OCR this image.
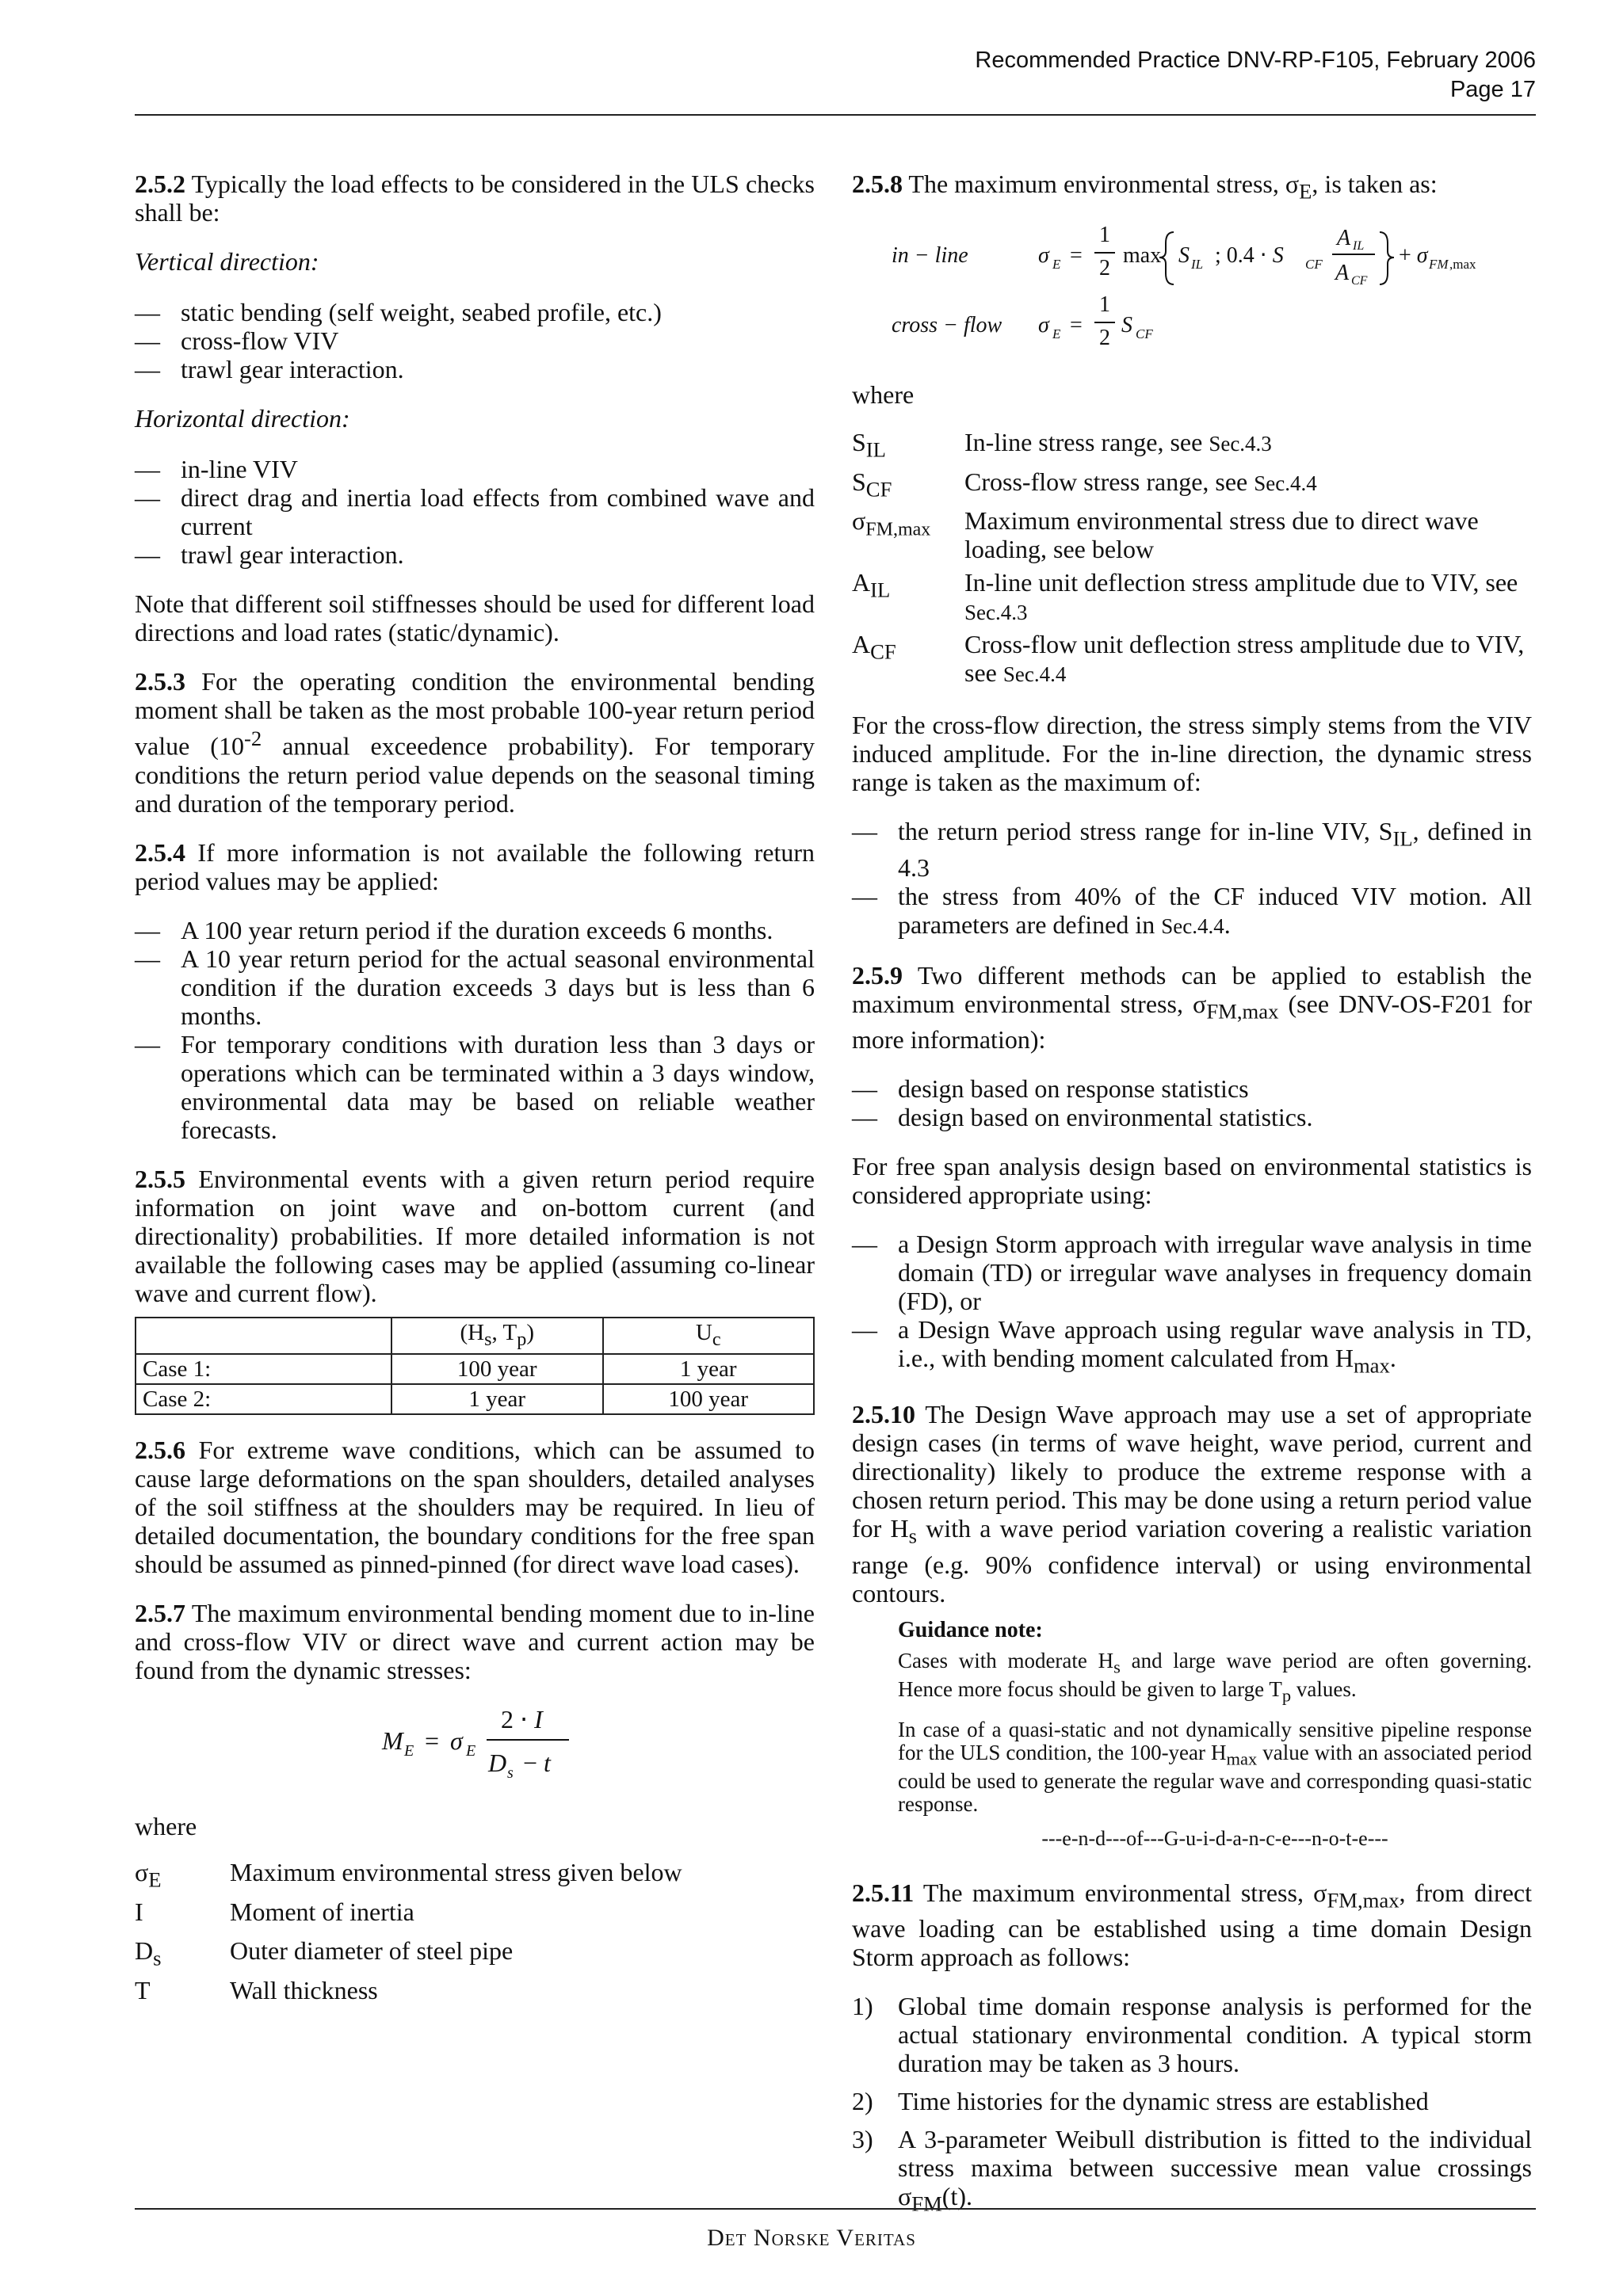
Recommended Practice DNV-RP-F105, February 2006
Page 17

2.5.2 Typically the load effects to be considered in the ULS checks shall be:

Vertical direction:

— static bending (self weight, seabed profile, etc.)
— cross-flow VIV
— trawl gear interaction.

Horizontal direction:

— in-line VIV
— direct drag and inertia load effects from combined wave and current
— trawl gear interaction.

Note that different soil stiffnesses should be used for different load directions and load rates (static/dynamic).

2.5.3 For the operating condition the environmental bending moment shall be taken as the most probable 100-year return period value ($10^{-2}$ annual exceedence probability). For temporary conditions the return period value depends on the seasonal timing and duration of the temporary period.

2.5.4 If more information is not available the following return period values may be applied:

— A 100 year return period if the duration exceeds 6 months.
— A 10 year return period for the actual seasonal environmental condition if the duration exceeds 3 days but is less than 6 months.
— For temporary conditions with duration less than 3 days or operations which can be terminated within a 3 days window, environmental data may be based on reliable weather forecasts.

2.5.5 Environmental events with a given return period require information on joint wave and on-bottom current (and directionality) probabilities. If more detailed information is not available the following cases may be applied (assuming co-linear wave and current flow).

	($H_s$, $T_p$)	$U_c$
Case 1:	100 year	1 year
Case 2:	1 year	100 year

2.5.6 For extreme wave conditions, which can be assumed to cause large deformations on the span shoulders, detailed analyses of the soil stiffness at the shoulders may be required. In lieu of detailed documentation, the boundary conditions for the free span should be assumed as pinned-pinned (for direct wave load cases).

2.5.7 The maximum environmental bending moment due to in-line and cross-flow VIV or direct wave and current action may be found from the dynamic stresses:

M E = σ E
2 ⋅ I
D s − t

where

$\sigma_E$	Maximum environmental stress given below
I	Moment of inertia
$D_s$	Outer diameter of steel pipe
T	Wall thickness

2.5.8 The maximum environmental stress, $\sigma_E$, is taken as:

in − line	σ E =
1
2
max S IL ; 0.4 ⋅ S CF
A IL
A CF
+ σ FM ,max
cross − flow σ E =
1
2
S CF

where

$S_{IL}$	In-line stress range, see Sec.4.3
$S_{CF}$	Cross-flow stress range, see Sec.4.4
$\sigma_{FM,max}$	Maximum environmental stress due to direct wave loading, see below
$A_{IL}$	In-line unit deflection stress amplitude due to VIV, see Sec.4.3
$A_{CF}$	Cross-flow unit deflection stress amplitude due to VIV, see Sec.4.4

For the cross-flow direction, the stress simply stems from the VIV induced amplitude. For the in-line direction, the dynamic stress range is taken as the maximum of:

— the return period stress range for in-line VIV, $S_{IL}$, defined in 4.3
— the stress from 40% of the CF induced VIV motion. All parameters are defined in Sec.4.4.

2.5.9 Two different methods can be applied to establish the maximum environmental stress, $\sigma_{FM,max}$ (see DNV-OS-F201 for more information):

— design based on response statistics
— design based on environmental statistics.

For free span analysis design based on environmental statistics is considered appropriate using:

— a Design Storm approach with irregular wave analysis in time domain (TD) or irregular wave analyses in frequency domain (FD), or
— a Design Wave approach using regular wave analysis in TD, i.e., with bending moment calculated from $H_{max}$.

2.5.10 The Design Wave approach may use a set of appropriate design cases (in terms of wave height, wave period, current and directionality) likely to produce the extreme response with a chosen return period. This may be done using a return period value for $H_s$ with a wave period variation covering a realistic variation range (e.g. 90% confidence interval) or using environmental contours.

Guidance note:

Cases with moderate $H_s$ and large wave period are often governing. Hence more focus should be given to large $T_p$ values.

In case of a quasi-static and not dynamically sensitive pipeline response for the ULS condition, the 100-year $H_{max}$ value with an associated period could be used to generate the regular wave and corresponding quasi-static response.

---e-n-d---of---G-u-i-d-a-n-c-e---n-o-t-e---

2.5.11 The maximum environmental stress, $\sigma_{FM,max}$, from direct wave loading can be established using a time domain Design Storm approach as follows:

1) Global time domain response analysis is performed for the actual stationary environmental condition. A typical storm duration may be taken as 3 hours.
2) Time histories for the dynamic stress are established
3) A 3-parameter Weibull distribution is fitted to the individual stress maxima between successive mean value crossings $\sigma_{FM}(t)$.
Det Norske Veritas
